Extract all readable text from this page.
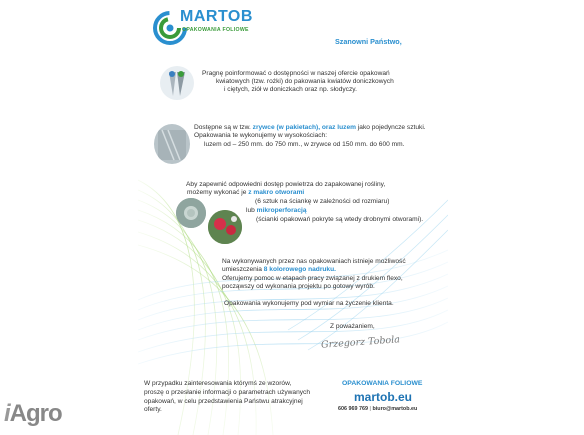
MARTOB
OPAKOWANIA FOLIOWE
Szanowni Państwo,
Pragnę poinformować o dostępności w naszej ofercie opakowań
kwiatowych (tzw. rożki) do pakowania kwiatów doniczkowych
i ciętych, ziół w doniczkach oraz np. słodyczy.
Dostępne są w tzw. zrywce (w pakietach), oraz luzem jako pojedyncze sztuki.
Opakowania te wykonujemy w wysokościach:
luzem od – 250 mm. do 750 mm., w zrywce od 150 mm. do 600 mm.
Aby zapewnić odpowiedni dostęp powietrza do zapakowanej rośliny,
możemy wykonać je z makro otworami
(6 sztuk na ściankę w zależności od rozmiaru)
lub mikroperforacją
(ścianki opakowań pokryte są wtedy drobnymi otworami).
Na wykonywanych przez nas opakowaniach istnieje możliwość
umieszczenia 8 kolorowego nadruku.
Oferujemy pomoc w etapach pracy związanej z drukiem flexo,
począwszy od wykonania projektu po gotowy wyrób.
Opakowania wykonujemy pod wymiar na życzenie klienta.
Z poważaniem,
Grzegorz Tobola
W przypadku zainteresowania którymś ze wzorów,
proszę o przesłanie informacji o parametrach używanych
opakowań, w celu przedstawienia Państwu atrakcyjnej
oferty.
OPAKOWANIA FOLIOWE
martob.eu
606 969 769 | biuro@martob.eu
iAgro
